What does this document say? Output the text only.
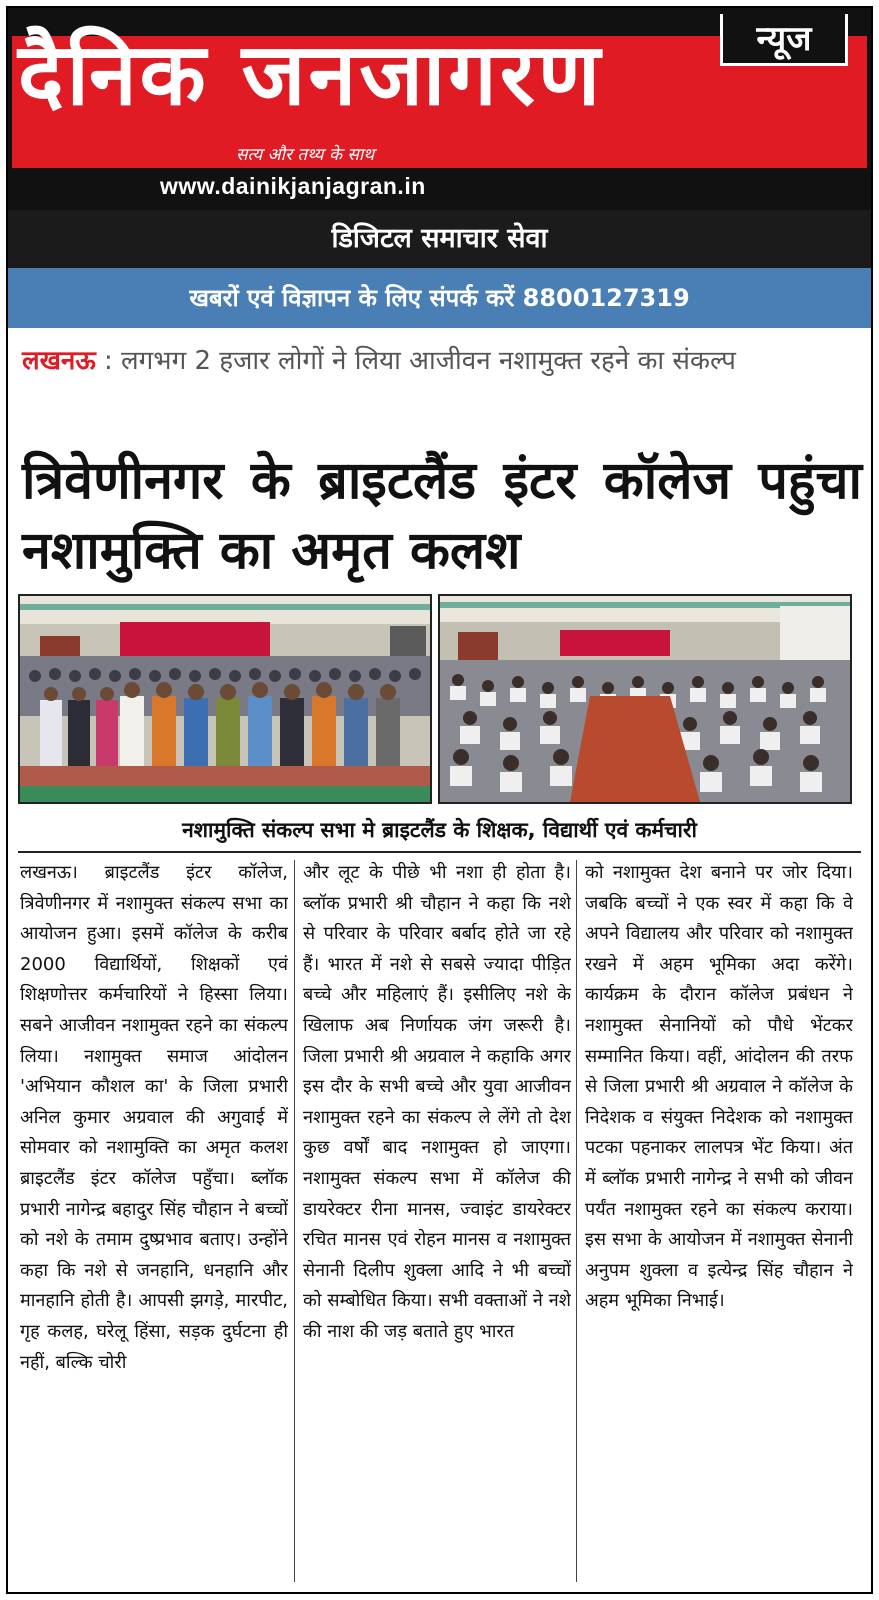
दैनिक जनजागरण	न्यूज
सत्य और तथ्य के साथ
www.dainikjanjagran.in
डिजिटल समाचार सेवा
खबरों एवं विज्ञापन के लिए संपर्क करें 8800127319
लखनऊ : लगभग 2 हजार लोगों ने लिया आजीवन नशामुक्त रहने का संकल्प
त्रिवेणीनगर के ब्राइटलैंड इंटर कॉलेज पहुंचा नशामुक्ति का अमृत कलश
नशामुक्ति संकल्प सभा मे ब्राइटलैंड के शिक्षक, विद्यार्थी एवं कर्मचारी
लखनऊ। ब्राइटलैंड इंटर कॉलेज, त्रिवेणीनगर में नशामुक्त संकल्प सभा का आयोजन हुआ। इसमें कॉलेज के करीब 2000 विद्यार्थियों, शिक्षकों एवं शिक्षणोत्तर कर्मचारियों ने हिस्सा लिया। सबने आजीवन नशामुक्त रहने का संकल्प लिया। नशामुक्त समाज आंदोलन 'अभियान कौशल का' के जिला प्रभारी अनिल कुमार अग्रवाल की अगुवाई में सोमवार को नशामुक्ति का अमृत कलश ब्राइटलैंड इंटर कॉलेज पहुँचा। ब्लॉक प्रभारी नागेन्द्र बहादुर सिंह चौहान ने बच्चों को नशे के तमाम दुष्प्रभाव बताए। उन्होंने कहा कि नशे से जनहानि, धनहानि और मानहानि होती है। आपसी झगड़े, मारपीट, गृह कलह, घरेलू हिंसा, सड़क दुर्घटना ही नहीं, बल्कि चोरी
और लूट के पीछे भी नशा ही होता है। ब्लॉक प्रभारी श्री चौहान ने कहा कि नशे से परिवार के परिवार बर्बाद होते जा रहे हैं। भारत में नशे से सबसे ज्यादा पीड़ित बच्चे और महिलाएं हैं। इसीलिए नशे के खिलाफ अब निर्णायक जंग जरूरी है। जिला प्रभारी श्री अग्रवाल ने कहाकि अगर इस दौर के सभी बच्चे और युवा आजीवन नशामुक्त रहने का संकल्प ले लेंगे तो देश कुछ वर्षों बाद नशामुक्त हो जाएगा। नशामुक्त संकल्प सभा में कॉलेज की डायरेक्टर रीना मानस, ज्वाइंट डायरेक्टर रचित मानस एवं रोहन मानस व नशामुक्त सेनानी दिलीप शुक्ला आदि ने भी बच्चों को सम्बोधित किया। सभी वक्ताओं ने नशे की नाश की जड़ बताते हुए भारत
को नशामुक्त देश बनाने पर जोर दिया। जबकि बच्चों ने एक स्वर में कहा कि वे अपने विद्यालय और परिवार को नशामुक्त रखने में अहम भूमिका अदा करेंगे। कार्यक्रम के दौरान कॉलेज प्रबंधन ने नशामुक्त सेनानियों को पौधे भेंटकर सम्मानित किया। वहीं, आंदोलन की तरफ से जिला प्रभारी श्री अग्रवाल ने कॉलेज के निदेशक व संयुक्त निदेशक को नशामुक्त पटका पहनाकर लालपत्र भेंट किया। अंत में ब्लॉक प्रभारी नागेन्द्र ने सभी को जीवन पर्यंत नशामुक्त रहने का संकल्प कराया। इस सभा के आयोजन में नशामुक्त सेनानी अनुपम शुक्ला व इत्येन्द्र सिंह चौहान ने अहम भूमिका निभाई।
